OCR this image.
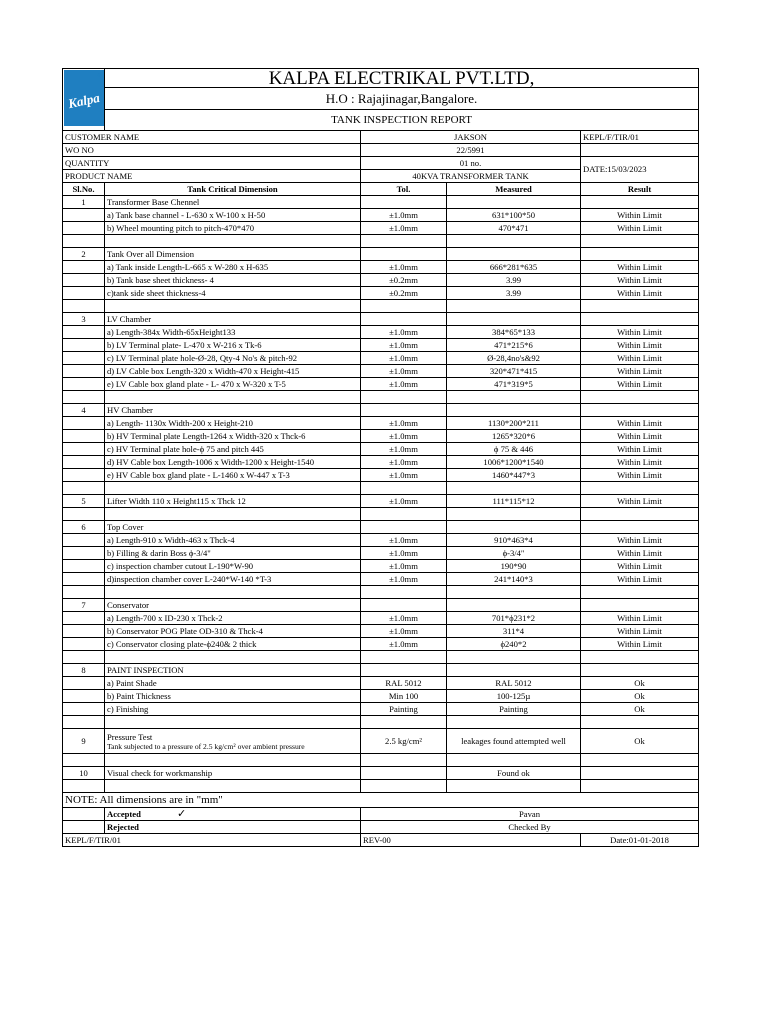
Kalpa
®	KALPA ELECTRIKAL PVT.LTD,			
	H.O : Rajajinagar,Bangalore.			
	TANK INSPECTION REPORT			
CUSTOMER NAME		JAKSON		KEPL/F/TIR/01
WO NO		22/5991		
QUANTITY		01 no.		DATE:15/03/2023
PRODUCT NAME		40KVA TRANSFORMER TANK		
Sl.No.	Tank Critical Dimension	Tol.	Measured	Result
1	Transformer Base Chennel			
	a) Tank base channel - L-630 x W-100 x H-50	±1.0mm	631*100*50	Within Limit
	b) Wheel mounting pitch to pitch-470*470	±1.0mm	470*471	Within Limit

2	Tank Over all Dimension			
	a) Tank inside Length-L-665 x W-280 x H-635	±1.0mm	666*281*635	Within Limit
	b) Tank base sheet thickness- 4	±0.2mm	3.99	Within Limit
	c)tank side sheet thickness-4	±0.2mm	3.99	Within Limit

3	LV Chamber			
	a) Length-384x Width-65xHeight133	±1.0mm	384*65*133	Within Limit
	b) LV Terminal plate- L-470 x W-216 x Tk-6	±1.0mm	471*215*6	Within Limit
	c) LV Terminal plate hole-Ø-28, Qty-4 No's & pitch-92	±1.0mm	Ø-28,4no's&92	Within Limit
	d) LV Cable box Length-320 x Width-470 x Height-415	±1.0mm	320*471*415	Within Limit
	e) LV Cable box gland plate - L- 470 x W-320 x T-5	±1.0mm	471*319*5	Within Limit

4	HV Chamber			
	a) Length- 1130x Width-200 x Height-210	±1.0mm	1130*200*211	Within Limit
	b) HV Terminal plate Length-1264 x Width-320 x Thck-6	±1.0mm	1265*320*6	Within Limit
	c) HV Terminal plate hole-ϕ 75 and pitch 445	±1.0mm	ϕ 75 & 446	Within Limit
	d) HV Cable box Length-1006 x Width-1200 x Height-1540	±1.0mm	1006*1200*1540	Within Limit
	e) HV Cable box gland plate - L-1460 x W-447 x T-3	±1.0mm	1460*447*3	Within Limit

5	Lifter Width 110 x Height115 x Thck 12	±1.0mm	111*115*12	Within Limit

6	Top Cover			
	a) Length-910 x Width-463 x Thck-4	±1.0mm	910*463*4	Within Limit
	b) Filling & darin Boss ϕ-3/4"	±1.0mm	ϕ-3/4"	Within Limit
	c) inspection chamber cutout L-190*W-90	±1.0mm	190*90	Within Limit
	d)inspection chamber cover L-240*W-140 *T-3	±1.0mm	241*140*3	Within Limit

7	Conservator			
	a) Length-700 x ID-230 x Thck-2	±1.0mm	701*ϕ231*2	Within Limit
	b) Conservator POG Plate OD-310 & Thck-4	±1.0mm	311*4	Within Limit
	c) Conservator closing plate-ϕ240& 2 thick	±1.0mm	ϕ240*2	Within Limit

8	PAINT INSPECTION			
	a) Paint Shade	RAL 5012	RAL 5012	Ok
	b) Paint Thickness	Min 100	100-125µ	Ok
	c) Finishing	Painting	Painting	Ok

9	Pressure Test
Tank subjected to a pressure of 2.5 kg/cm² over ambient pressure	2.5 kg/cm²	leakages found attempted well	Ok

10	Visual check for workmanship		Found ok	

NOTE: All dimensions are in "mm"				
	Accepted ✓	Pavan		
	Rejected	Checked By		
KEPL/F/TIR/01		REV-00		Date:01-01-2018
